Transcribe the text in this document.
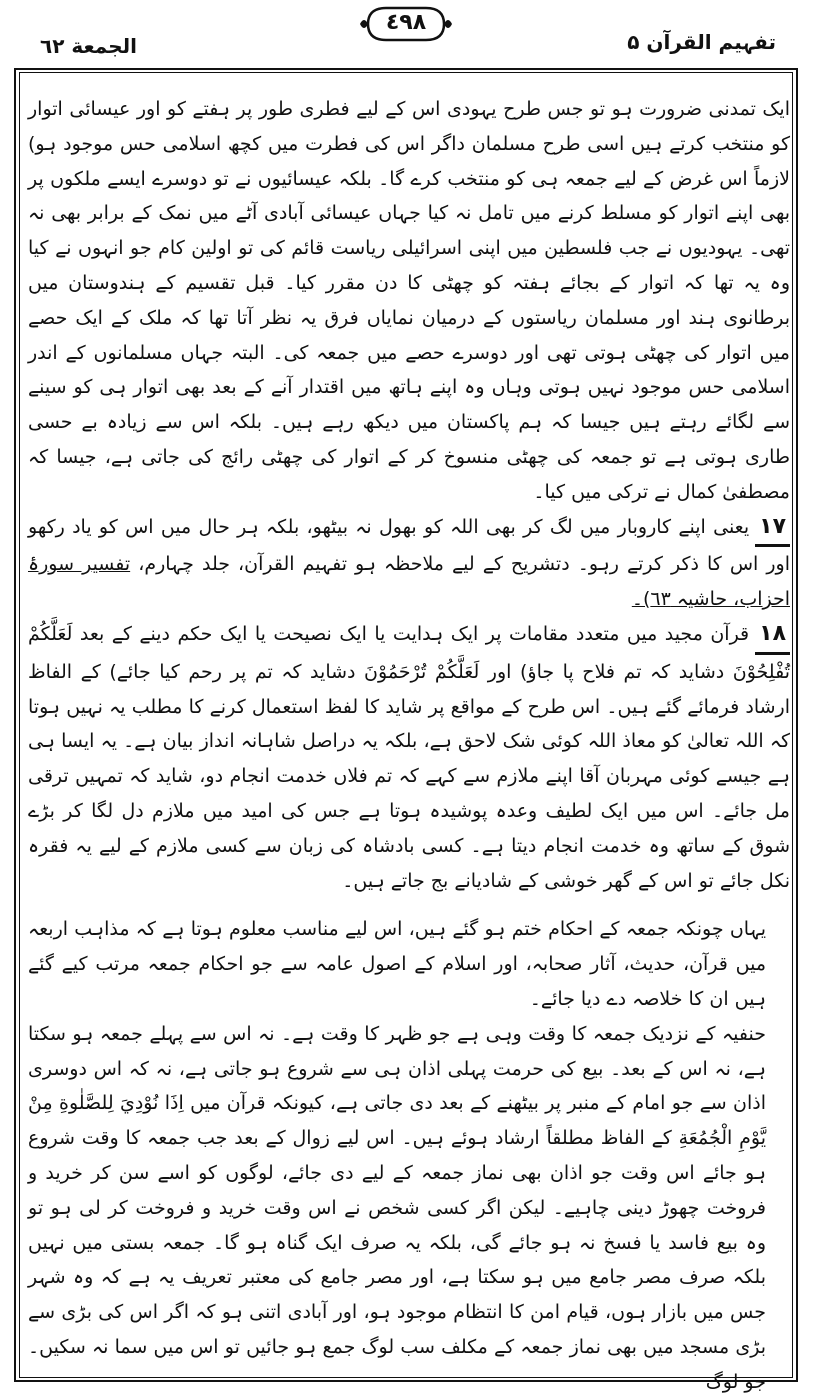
الجمعة ٦٢
٤٩٨
تفہیم القرآن ۵

ایک تمدنی ضرورت ہو تو جس طرح یہودی اس کے لیے فطری طور پر ہفتے کو اور عیسائی اتوار کو منتخب کرتے ہیں اسی طرح مسلمان داگر اس کی فطرت میں کچھ اسلامی حس موجود ہو) لازماً اس غرض کے لیے جمعہ ہی کو منتخب کرے گا۔ بلکہ عیسائیوں نے تو دوسرے ایسے ملکوں پر بھی اپنے اتوار کو مسلط کرنے میں تامل نہ کیا جہاں عیسائی آبادی آٹے میں نمک کے برابر بھی نہ تھی۔ یہودیوں نے جب فلسطین میں اپنی اسرائیلی ریاست قائم کی تو اولین کام جو انہوں نے کیا وہ یہ تھا کہ اتوار کے بجائے ہفتہ کو چھٹی کا دن مقرر کیا۔ قبل تقسیم کے ہندوستان میں برطانوی ہند اور مسلمان ریاستوں کے درمیان نمایاں فرق یہ نظر آتا تھا کہ ملک کے ایک حصے میں اتوار کی چھٹی ہوتی تھی اور دوسرے حصے میں جمعہ کی۔ البتہ جہاں مسلمانوں کے اندر اسلامی حس موجود نہیں ہوتی وہاں وہ اپنے ہاتھ میں اقتدار آنے کے بعد بھی اتوار ہی کو سینے سے لگائے رہتے ہیں جیسا کہ ہم پاکستان میں دیکھ رہے ہیں۔ بلکہ اس سے زیادہ بے حسی طاری ہوتی ہے تو جمعہ کی چھٹی منسوخ کر کے اتوار کی چھٹی رائج کی جاتی ہے، جیسا کہ مصطفیٰ کمال نے ترکی میں کیا۔

۱۷یعنی اپنے کاروبار میں لگ کر بھی اللہ کو بھول نہ بیٹھو، بلکہ ہر حال میں اس کو یاد رکھو اور اس کا ذکر کرتے رہو۔ دتشریح کے لیے ملاحظہ ہو تفہیم القرآن، جلد چہارم، تفسیر سورۂ احزاب، حاشیہ ٦٣)۔

۱۸قرآن مجید میں متعدد مقامات پر ایک ہدایت یا ایک نصیحت یا ایک حکم دینے کے بعد لَعَلَّكُمْ تُفْلِحُوْنَ دشاید کہ تم فلاح پا جاؤ) اور لَعَلَّكُمْ تُرْحَمُوْنَ دشاید کہ تم پر رحم کیا جائے) کے الفاظ ارشاد فرمائے گئے ہیں۔ اس طرح کے مواقع پر شاید کا لفظ استعمال کرنے کا مطلب یہ نہیں ہوتا کہ اللہ تعالیٰ کو معاذ اللہ کوئی شک لاحق ہے، بلکہ یہ دراصل شاہانہ انداز بیان ہے۔ یہ ایسا ہی ہے جیسے کوئی مہربان آقا اپنے ملازم سے کہے کہ تم فلاں خدمت انجام دو، شاید کہ تمہیں ترقی مل جائے۔ اس میں ایک لطیف وعدہ پوشیدہ ہوتا ہے جس کی امید میں ملازم دل لگا کر بڑے شوق کے ساتھ وہ خدمت انجام دیتا ہے۔ کسی بادشاہ کی زبان سے کسی ملازم کے لیے یہ فقرہ نکل جائے تو اس کے گھر خوشی کے شادیانے بج جاتے ہیں۔

یہاں چونکہ جمعہ کے احکام ختم ہو گئے ہیں، اس لیے مناسب معلوم ہوتا ہے کہ مذاہب اربعہ میں قرآن، حدیث، آثار صحابہ، اور اسلام کے اصول عامہ سے جو احکام جمعہ مرتب کیے گئے ہیں ان کا خلاصہ دے دیا جائے۔

حنفیہ کے نزدیک جمعہ کا وقت وہی ہے جو ظہر کا وقت ہے۔ نہ اس سے پہلے جمعہ ہو سکتا ہے، نہ اس کے بعد۔ بیع کی حرمت پہلی اذان ہی سے شروع ہو جاتی ہے، نہ کہ اس دوسری اذان سے جو امام کے منبر پر بیٹھنے کے بعد دی جاتی ہے، کیونکہ قرآن میں اِذَا نُوْدِيَ لِلصَّلٰوةِ مِنْ يَّوْمِ الْجُمُعَةِ کے الفاظ مطلقاً ارشاد ہوئے ہیں۔ اس لیے زوال کے بعد جب جمعہ کا وقت شروع ہو جائے اس وقت جو اذان بھی نماز جمعہ کے لیے دی جائے، لوگوں کو اسے سن کر خرید و فروخت چھوڑ دینی چاہیے۔ لیکن اگر کسی شخص نے اس وقت خرید و فروخت کر لی ہو تو وہ بیع فاسد یا فسخ نہ ہو جائے گی، بلکہ یہ صرف ایک گناہ ہو گا۔ جمعہ بستی میں نہیں بلکہ صرف مصر جامع میں ہو سکتا ہے، اور مصر جامع کی معتبر تعریف یہ ہے کہ وہ شہر جس میں بازار ہوں، قیام امن کا انتظام موجود ہو، اور آبادی اتنی ہو کہ اگر اس کی بڑی سے بڑی مسجد میں بھی نماز جمعہ کے مکلف سب لوگ جمع ہو جائیں تو اس میں سما نہ سکیں۔ جو لوگ
